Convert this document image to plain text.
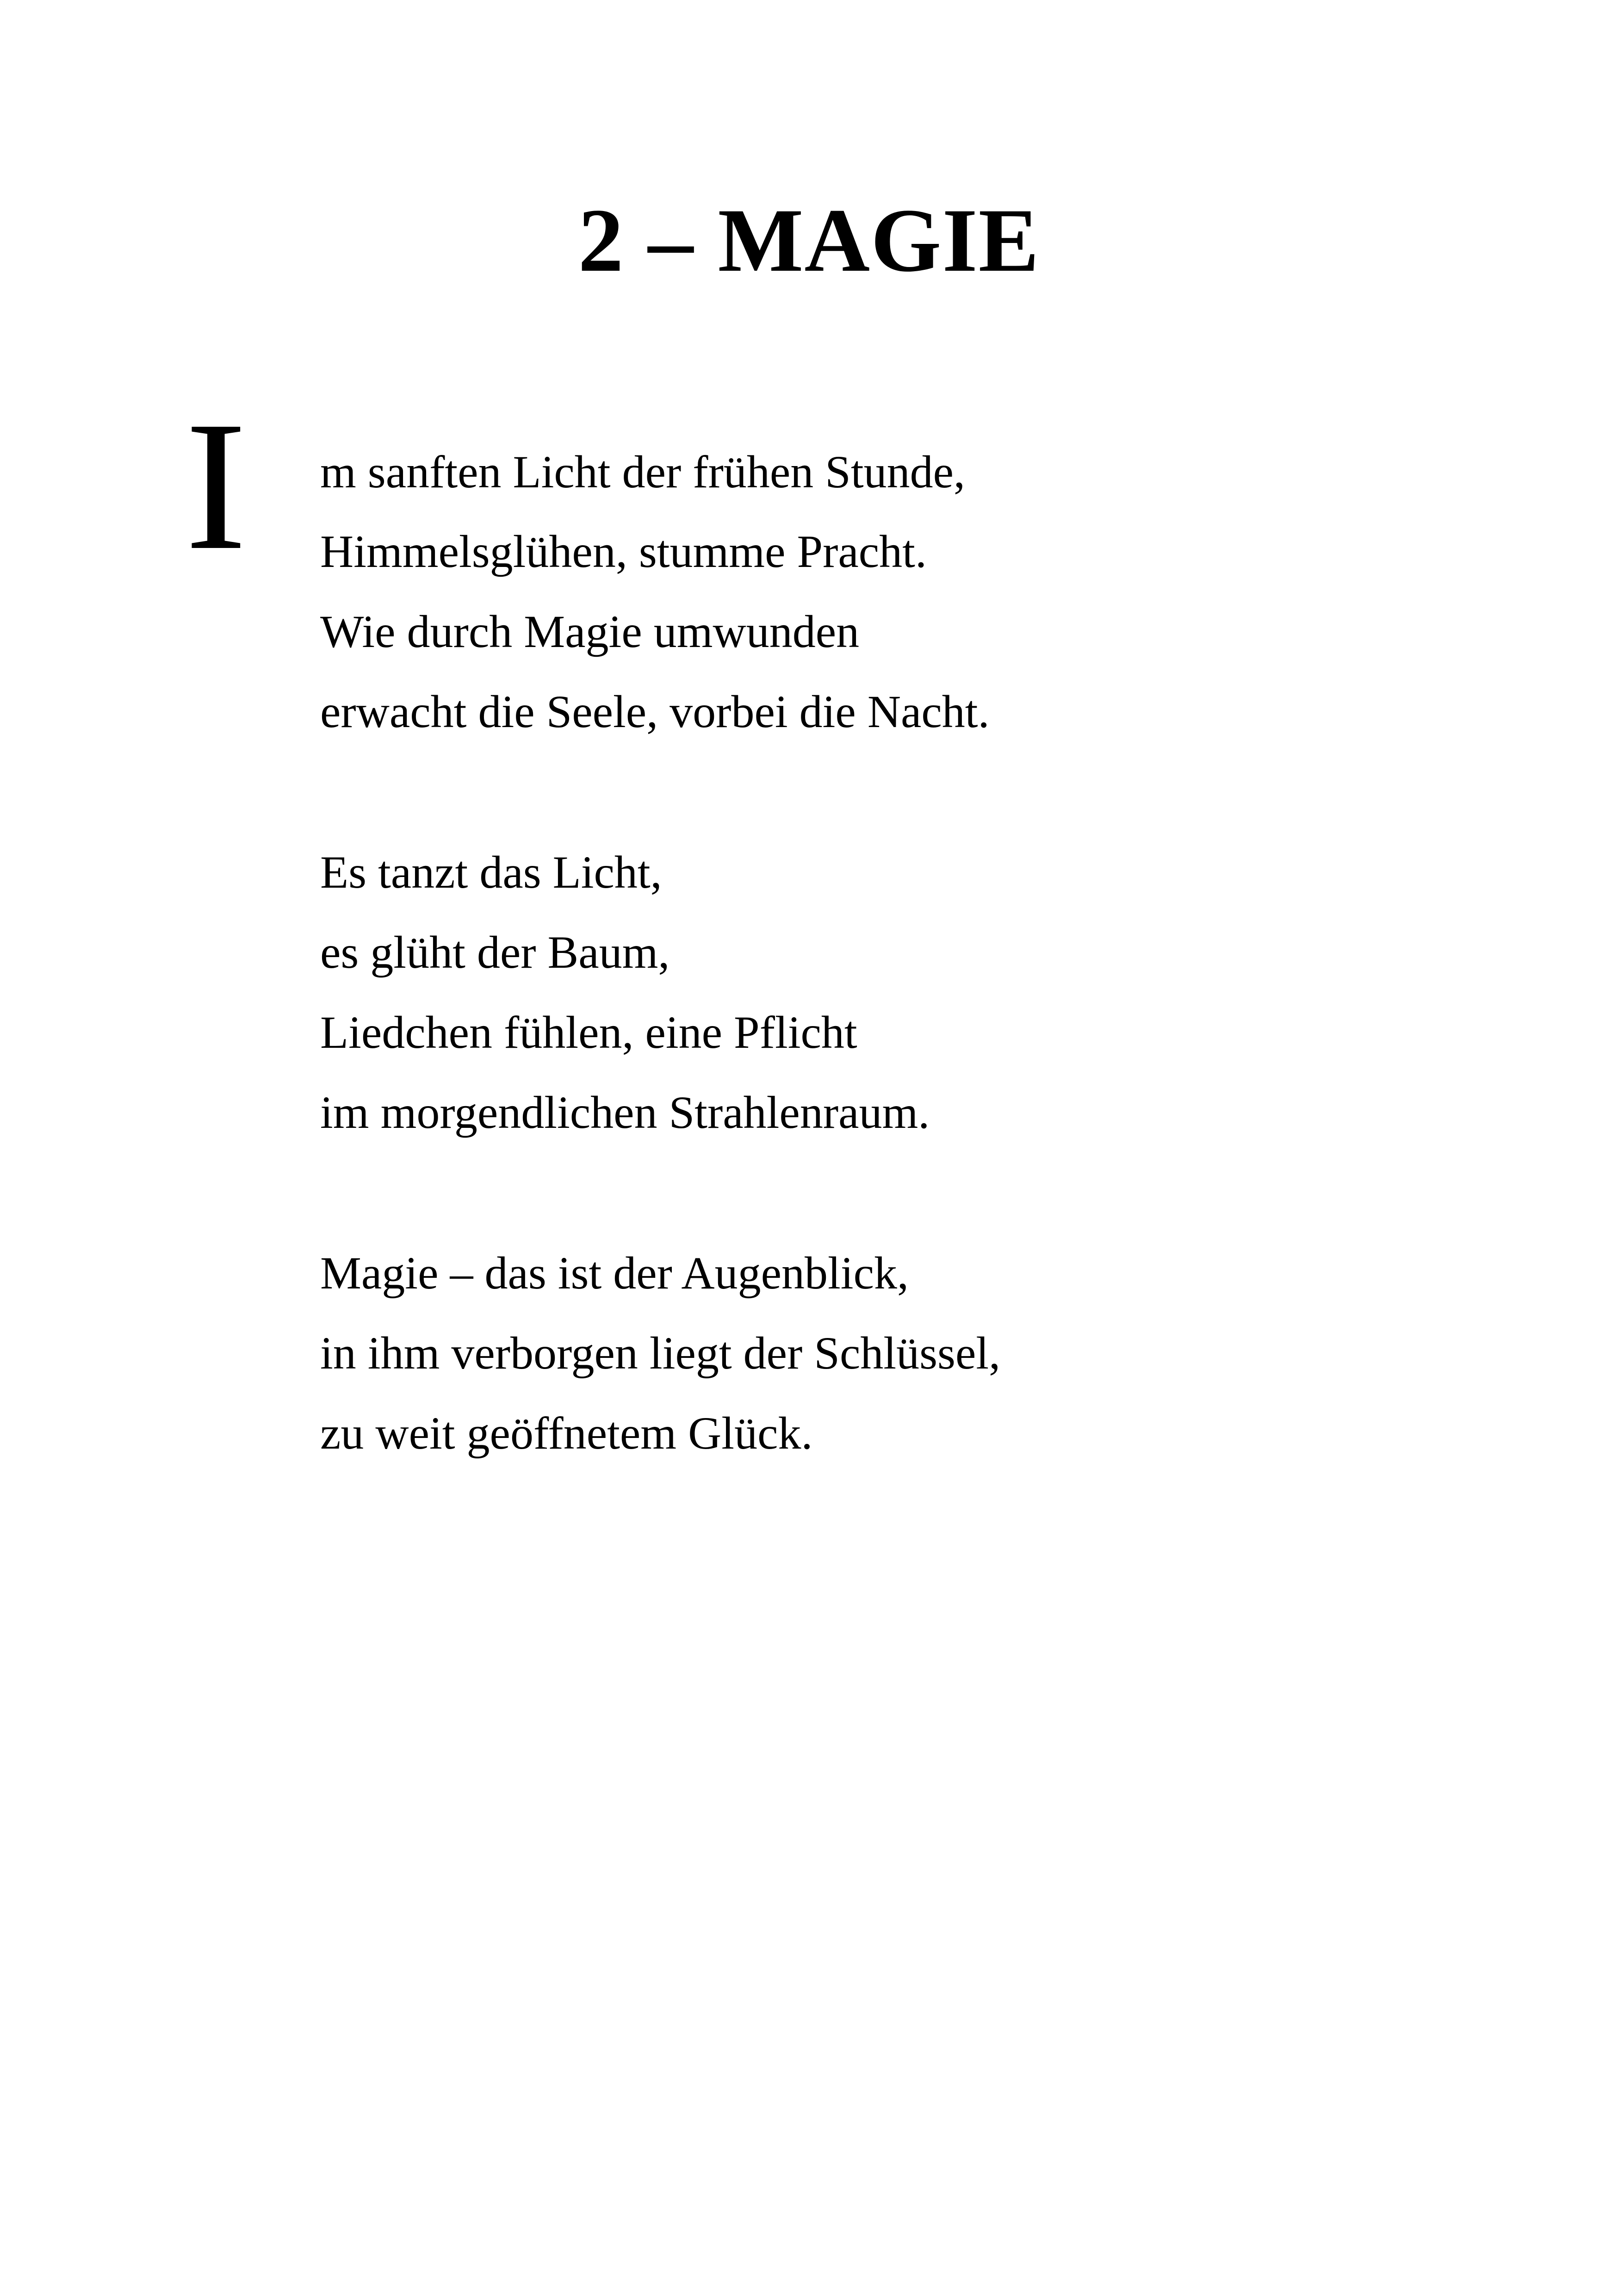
2 – MAGIE
I m sanften Licht der frühen Stunde,
Himmelsglühen, stumme Pracht.
Wie durch Magie umwunden
erwacht die Seele, vorbei die Nacht.
Es tanzt das Licht,
es glüht der Baum,
Liedchen fühlen, eine Pflicht
im morgendlichen Strahlenraum.
Magie – das ist der Augenblick,
in ihm verborgen liegt der Schlüssel,
zu weit geöffnetem Glück.
